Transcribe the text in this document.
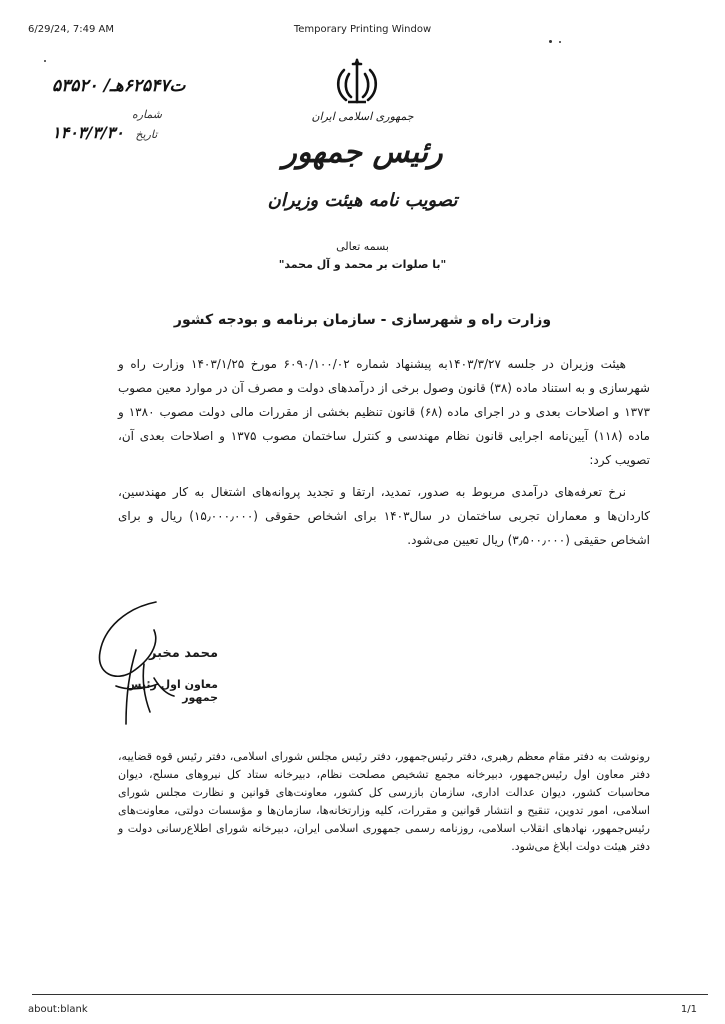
6/29/24, 7:49 AM	Temporary Printing Window
جمهوری اسلامی ایران
رئیس جمهور
تصویب نامه هیئت وزیران
۵۳۵۲۰ /ت۶۲۵۴۷هـ
شماره
۱۴۰۳/۳/۳۰ تاریخ
بسمه تعالی
"با صلوات بر محمد و آل محمد"
وزارت راه و شهرسازی - سازمان برنامه و بودجه کشور

هیئت وزیران در جلسه ۱۴۰۳/۳/۲۷به پیشنهاد شماره ۶۰۹۰/۱۰۰/۰۲ مورخ ۱۴۰۳/۱/۲۵ وزارت راه و شهرسازی و به استناد ماده (۳۸) قانون وصول برخی از درآمدهای دولت و مصرف آن در موارد معین مصوب ۱۳۷۳ و اصلاحات بعدی و در اجرای ماده (۶۸) قانون تنظیم بخشی از مقررات مالی دولت مصوب ۱۳۸۰ و ماده (۱۱۸) آیین‌نامه اجرایی قانون نظام مهندسی و کنترل ساختمان مصوب ۱۳۷۵ و اصلاحات بعدی آن، تصویب کرد:

نرخ تعرفه‌های درآمدی مربوط به صدور، تمدید، ارتقا و تجدید پروانه‌های اشتغال به کار مهندسین، کاردان‌ها و معماران تجربی ساختمان در سال۱۴۰۳ برای اشخاص حقوقی (۱۵٫۰۰۰٫۰۰۰) ریال و برای اشخاص حقیقی (۳٫۵۰۰٫۰۰۰) ریال تعیین می‌شود.

محمد مخبر
معاون اول رئیس جمهور
رونوشت به دفتر مقام معظم رهبری، دفتر رئیس‌جمهور، دفتر رئیس مجلس شورای اسلامی، دفتر رئیس قوه قضاییه، دفتر معاون اول رئیس‌جمهور، دبیرخانه مجمع تشخیص مصلحت نظام، دبیرخانه ستاد کل نیروهای مسلح، دیوان محاسبات کشور، دیوان عدالت اداری، سازمان بازرسی کل کشور، معاونت‌های قوانین و نظارت مجلس شورای اسلامی، امور تدوین، تنقیح و انتشار قوانین و مقررات، کلیه وزارتخانه‌ها، سازمان‌ها و مؤسسات دولتی، معاونت‌های رئیس‌جمهور، نهادهای انقلاب اسلامی، روزنامه رسمی جمهوری اسلامی ایران، دبیرخانه شورای اطلاع‌رسانی دولت و دفتر هیئت دولت ابلاغ می‌شود.
about:blank	1/1
